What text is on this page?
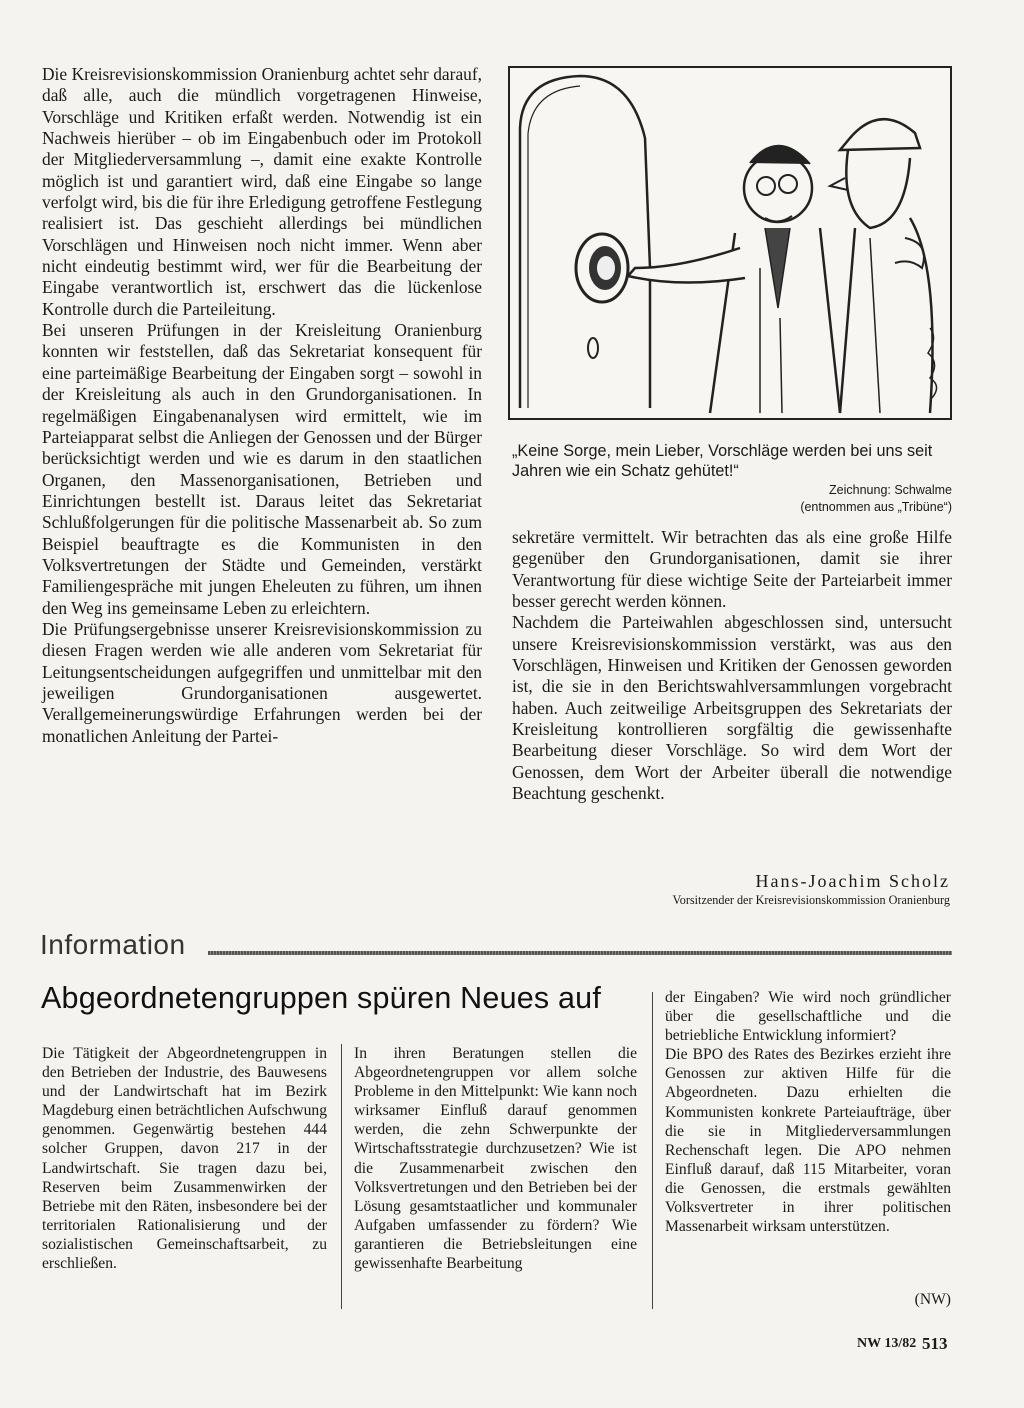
Die Kreisrevisionskommission Oranienburg achtet sehr darauf, daß alle, auch die mündlich vorgetragenen Hinweise, Vorschläge und Kritiken erfaßt werden. Notwendig ist ein Nachweis hierüber – ob im Eingabenbuch oder im Protokoll der Mitgliederversammlung –, damit eine exakte Kontrolle möglich ist und garantiert wird, daß eine Eingabe so lange verfolgt wird, bis die für ihre Erledigung getroffene Festlegung realisiert ist. Das geschieht allerdings bei mündlichen Vorschlägen und Hinweisen noch nicht immer. Wenn aber nicht eindeutig bestimmt wird, wer für die Bearbeitung der Eingabe verantwortlich ist, erschwert das die lückenlose Kontrolle durch die Parteileitung.

Bei unseren Prüfungen in der Kreisleitung Oranienburg konnten wir feststellen, daß das Sekretariat konsequent für eine parteimäßige Bearbeitung der Eingaben sorgt – sowohl in der Kreisleitung als auch in den Grundorganisationen. In regelmäßigen Eingabenanalysen wird ermittelt, wie im Parteiapparat selbst die Anliegen der Genossen und der Bürger berücksichtigt werden und wie es darum in den staatlichen Organen, den Massenorganisationen, Betrieben und Einrichtungen bestellt ist. Daraus leitet das Sekretariat Schlußfolgerungen für die politische Massenarbeit ab. So zum Beispiel beauftragte es die Kommunisten in den Volksvertretungen der Städte und Gemeinden, verstärkt Familiengespräche mit jungen Eheleuten zu führen, um ihnen den Weg ins gemeinsame Leben zu erleichtern.

Die Prüfungsergebnisse unserer Kreisrevisionskommission zu diesen Fragen werden wie alle anderen vom Sekretariat für Leitungsentscheidungen aufgegriffen und unmittelbar mit den jeweiligen Grundorganisationen ausgewertet. Verallgemeinerungswürdige Erfahrungen werden bei der monatlichen Anleitung der Partei-

„Keine Sorge, mein Lieber, Vorschläge werden bei uns seit Jahren wie ein Schatz gehütet!“
Zeichnung: Schwalme
(entnommen aus „Tribüne“)

sekretäre vermittelt. Wir betrachten das als eine große Hilfe gegenüber den Grundorganisationen, damit sie ihrer Verantwortung für diese wichtige Seite der Parteiarbeit immer besser gerecht werden können.

Nachdem die Parteiwahlen abgeschlossen sind, untersucht unsere Kreisrevisionskommission verstärkt, was aus den Vorschlägen, Hinweisen und Kritiken der Genossen geworden ist, die sie in den Berichtswahlversammlungen vorgebracht haben. Auch zeitweilige Arbeitsgruppen des Sekretariats der Kreisleitung kontrollieren sorgfältig die gewissenhafte Bearbeitung dieser Vorschläge. So wird dem Wort der Genossen, dem Wort der Arbeiter überall die notwendige Beachtung geschenkt.

Hans-Joachim Scholz
Vorsitzender der Kreisrevisionskommission Oranienburg
Information
Abgeordnetengruppen spüren Neues auf

Die Tätigkeit der Abgeordnetengruppen in den Betrieben der Industrie, des Bauwesens und der Landwirtschaft hat im Bezirk Magdeburg einen beträchtlichen Aufschwung genommen. Gegenwärtig bestehen 444 solcher Gruppen, davon 217 in der Landwirtschaft. Sie tragen dazu bei, Reserven beim Zusammenwirken der Betriebe mit den Räten, insbesondere bei der territorialen Rationalisierung und der sozialistischen Gemeinschaftsarbeit, zu erschließen.

In ihren Beratungen stellen die Abgeordnetengruppen vor allem solche Probleme in den Mittelpunkt: Wie kann noch wirksamer Einfluß darauf genommen werden, die zehn Schwerpunkte der Wirtschaftsstrategie durchzusetzen? Wie ist die Zusammenarbeit zwischen den Volksvertretungen und den Betrieben bei der Lösung gesamtstaatlicher und kommunaler Aufgaben umfassender zu fördern? Wie garantieren die Betriebsleitungen eine gewissenhafte Bearbeitung

der Eingaben? Wie wird noch gründlicher über die gesellschaftliche und die betriebliche Entwicklung informiert?

Die BPO des Rates des Bezirkes erzieht ihre Genossen zur aktiven Hilfe für die Abgeordneten. Dazu erhielten die Kommunisten konkrete Parteiaufträge, über die sie in Mitgliederversammlungen Rechenschaft legen. Die APO nehmen Einfluß darauf, daß 115 Mitarbeiter, voran die Genossen, die erstmals gewählten Volksvertreter in ihrer politischen Massenarbeit wirksam unterstützen.

(NW)
NW 13/82 513
